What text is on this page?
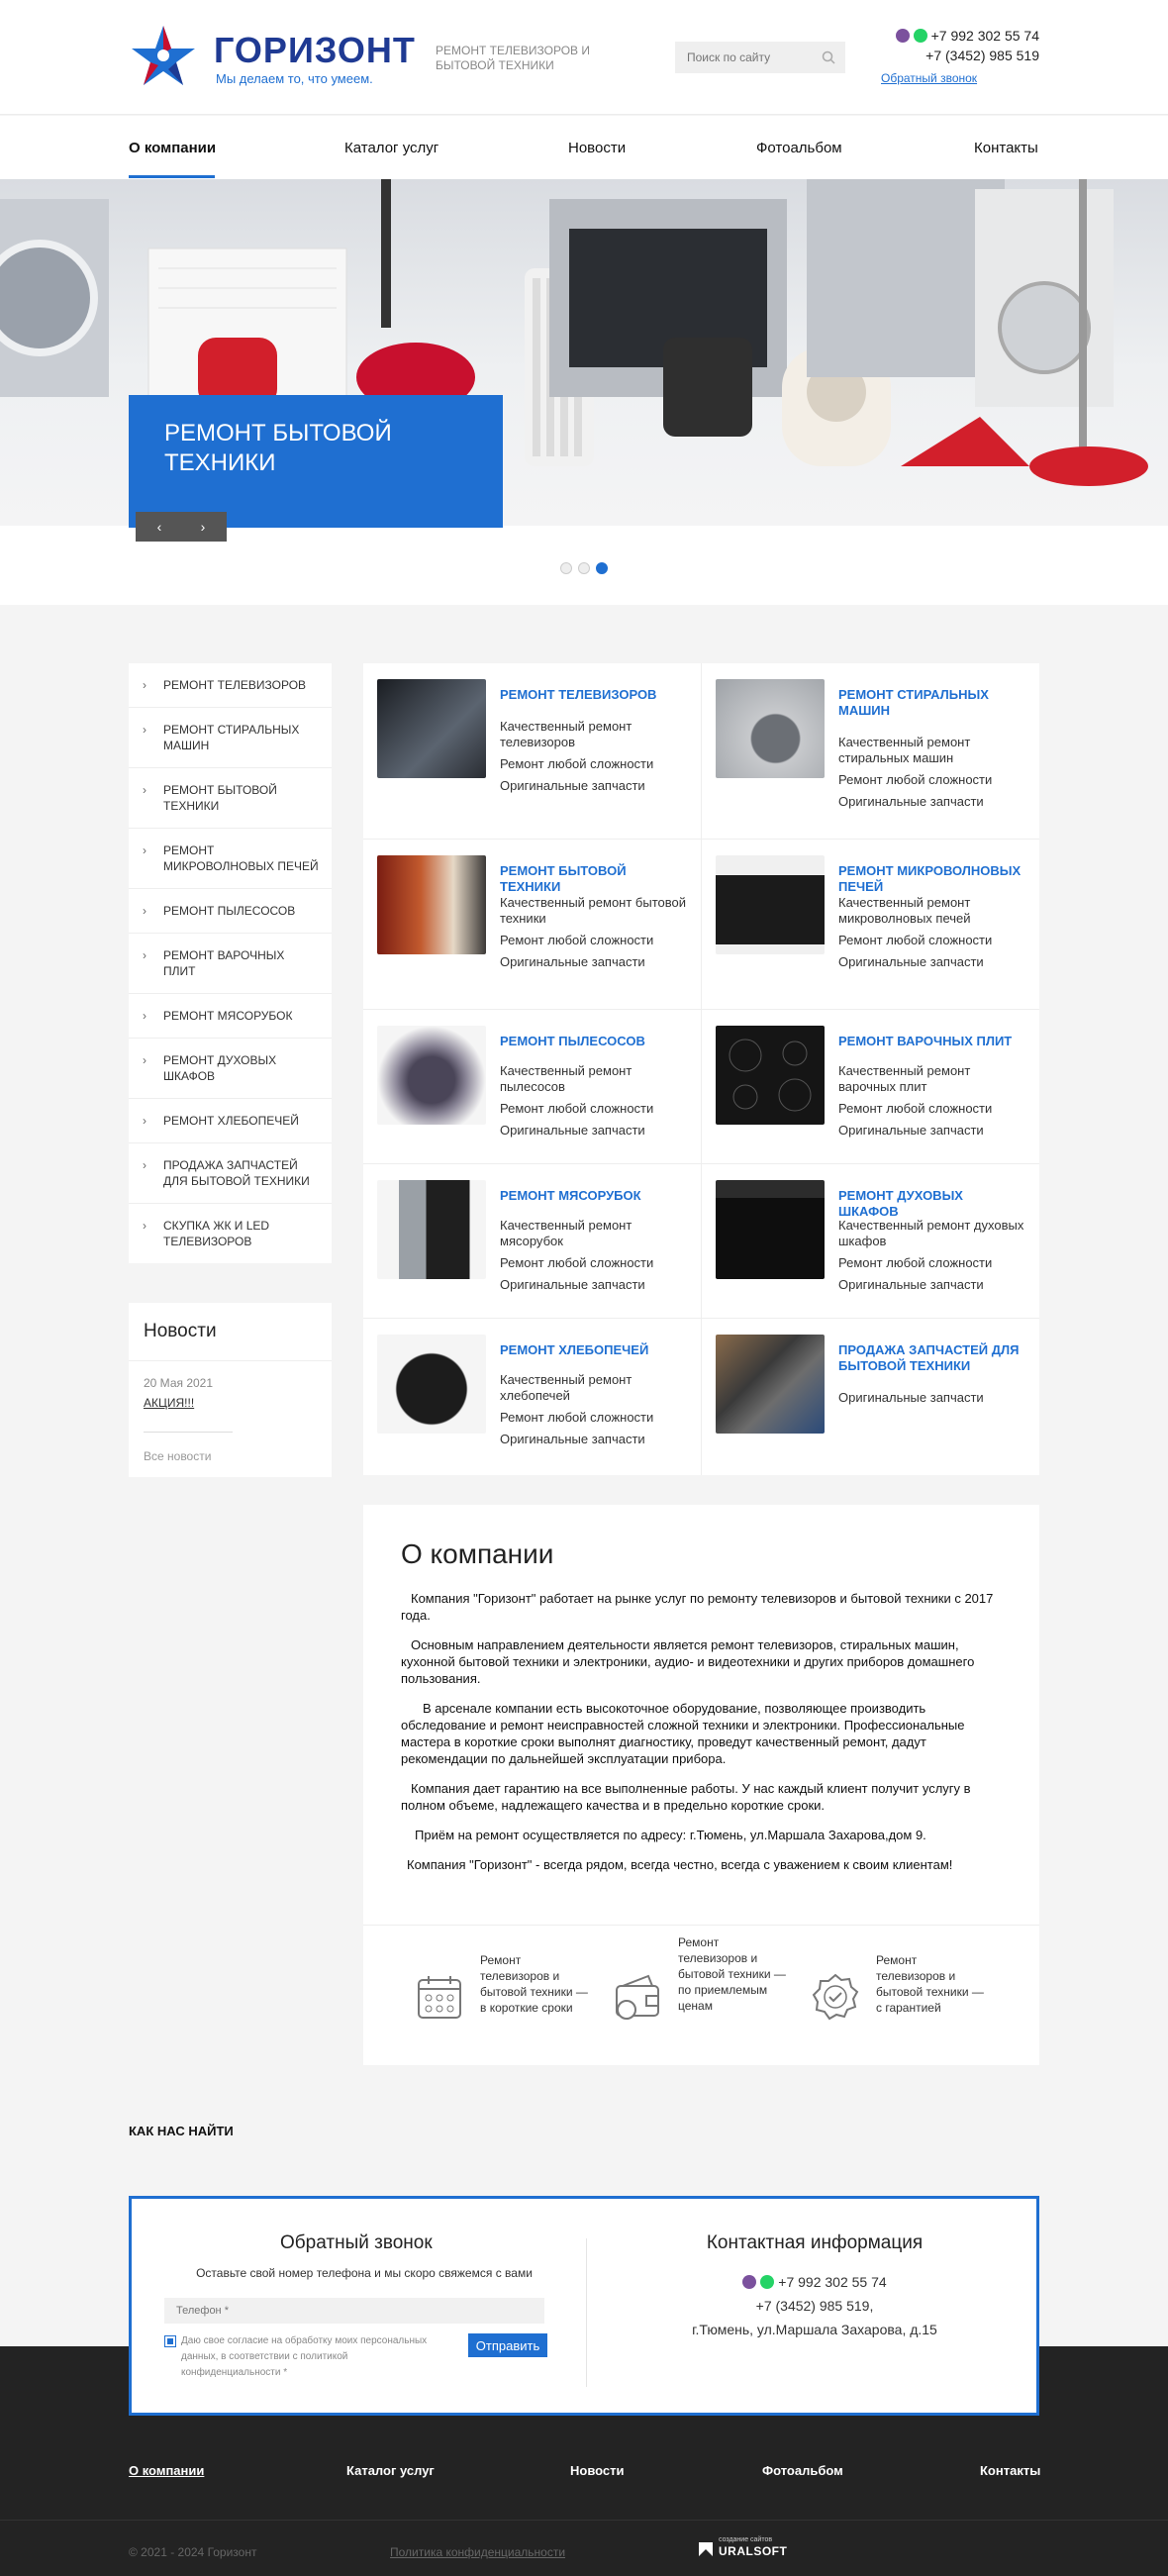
ГОРИЗОНТ
Мы делаем то, что умеем.
РЕМОНТ ТЕЛЕВИЗОРОВ И БЫТОВОЙ ТЕХНИКИ
Поиск по сайту
+7 992 302 55 74
+7 (3452) 985 519
Обратный звонок
О компании	Каталог услуг	Новости	Фотоальбом	Контакты
РЕМОНТ БЫТОВОЙ ТЕХНИКИ
‹	›
› РЕМОНТ ТЕЛЕВИЗОРОВ
› РЕМОНТ СТИРАЛЬНЫХ МАШИН
› РЕМОНТ БЫТОВОЙ ТЕХНИКИ
› РЕМОНТ МИКРОВОЛНОВЫХ ПЕЧЕЙ
› РЕМОНТ ПЫЛЕСОСОВ
› РЕМОНТ ВАРОЧНЫХ ПЛИТ
› РЕМОНТ МЯСОРУБОК
› РЕМОНТ ДУХОВЫХ ШКАФОВ
› РЕМОНТ ХЛЕБОПЕЧЕЙ
› ПРОДАЖА ЗАПЧАСТЕЙ ДЛЯ БЫТОВОЙ ТЕХНИКИ
› СКУПКА ЖК И LED ТЕЛЕВИЗОРОВ
Новости
20 Мая 2021
АКЦИЯ!!!
Все новости
РЕМОНТ ТЕЛЕВИЗОРОВ
Качественный ремонт телевизоров
Ремонт любой сложности
Оригинальные запчасти
РЕМОНТ СТИРАЛЬНЫХ МАШИН
Качественный ремонт стиральных машин
Ремонт любой сложности
Оригинальные запчасти
РЕМОНТ БЫТОВОЙ ТЕХНИКИ
Качественный ремонт бытовой техники
Ремонт любой сложности
Оригинальные запчасти
РЕМОНТ МИКРОВОЛНОВЫХ ПЕЧЕЙ
Качественный ремонт микроволновых печей
Ремонт любой сложности
Оригинальные запчасти
РЕМОНТ ПЫЛЕСОСОВ
Качественный ремонт пылесосов
Ремонт любой сложности
Оригинальные запчасти
РЕМОНТ ВАРОЧНЫХ ПЛИТ
Качественный ремонт варочных плит
Ремонт любой сложности
Оригинальные запчасти
РЕМОНТ МЯСОРУБОК
Качественный ремонт мясорубок
Ремонт любой сложности
Оригинальные запчасти
РЕМОНТ ДУХОВЫХ ШКАФОВ
Качественный ремонт духовых шкафов
Ремонт любой сложности
Оригинальные запчасти
РЕМОНТ ХЛЕБОПЕЧЕЙ
Качественный ремонт хлебопечей
Ремонт любой сложности
Оригинальные запчасти
ПРОДАЖА ЗАПЧАСТЕЙ ДЛЯ БЫТОВОЙ ТЕХНИКИ
Оригинальные запчасти
О компании

Компания "Горизонт" работает на рынке услуг по ремонту телевизоров и бытовой техники с 2017 года.

Основным направлением деятельности является ремонт телевизоров, стиральных машин, кухонной бытовой техники и электроники, аудио- и видеотехники и других приборов домашнего пользования.

В арсенале компании есть высокоточное оборудование, позволяющее производить обследование и ремонт неисправностей сложной техники и электроники. Профессиональные мастера в короткие сроки выполнят диагностику, проведут качественный ремонт, дадут рекомендации по дальнейшей эксплуатации прибора.

Компания дает гарантию на все выполненные работы. У нас каждый клиент получит услугу в полном объеме, надлежащего качества и в предельно короткие сроки.

Приём на ремонт осуществляется по адресу: г.Тюмень, ул.Маршала Захарова,дом 9.

Компания "Горизонт" - всегда рядом, всегда честно, всегда с уважением к своим клиентам!

Ремонт телевизоров и бытовой техники — в короткие сроки
Ремонт телевизоров и бытовой техники — по приемлемым ценам
Ремонт телевизоров и бытовой техники — с гарантией
КАК НАС НАЙТИ
Обратный звонок
Оставьте свой номер телефона и мы скоро свяжемся с вами
Телефон *
Даю свое согласие на обработку моих персональных данных, в соответствии с политикой конфиденциальности *
Отправить
Контактная информация
+7 992 302 55 74
+7 (3452) 985 519,
г.Тюмень, ул.Маршала Захарова, д.15
О компании	Каталог услуг	Новости	Фотоальбом	Контакты
© 2021 - 2024 Горизонт	Политика конфиденциальности
создание сайтов
URALSOFT
